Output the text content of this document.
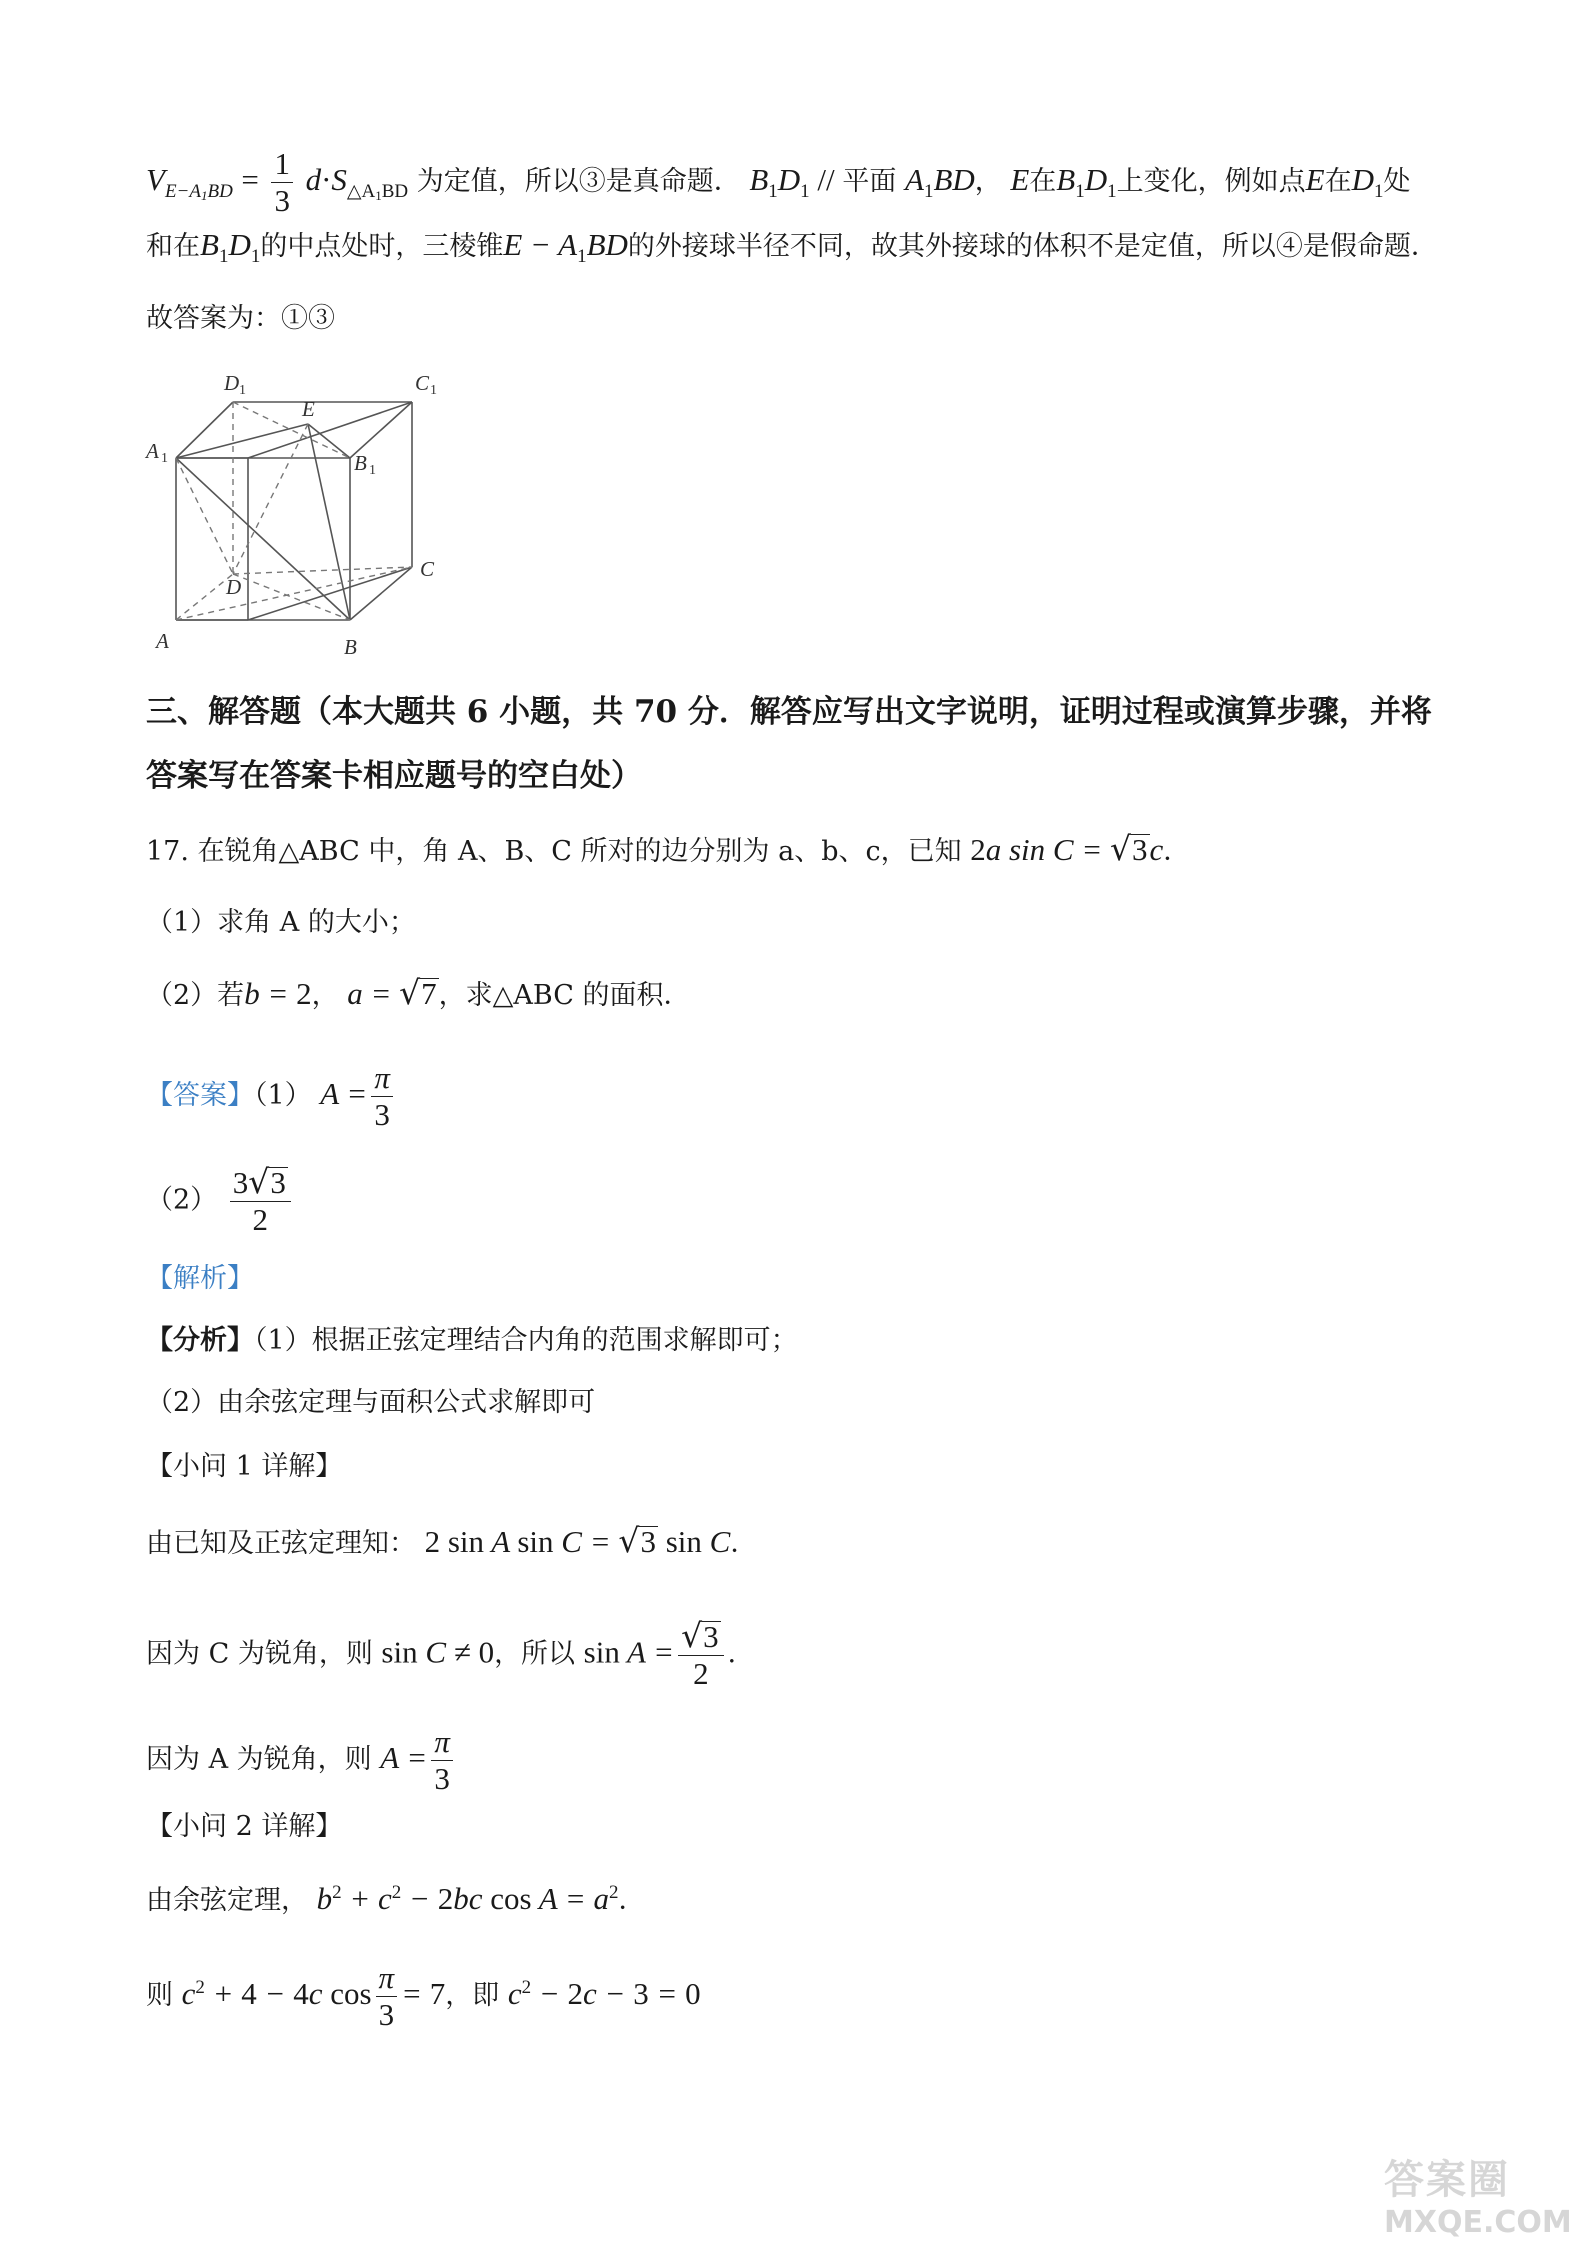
$V_{E-A_1BD} = \frac{1}{3} d\cdot S_{\triangle A_1BD}$ 为定值，所以③是真命题． $B_1D_1$ // 平面 $A_1BD$， E在$B_1D_1$上变化，例如点E在$D_1$处
和在$B_1D_1$的中点处时，三棱锥$E - A_1BD$的外接球半径不同，故其外接球的体积不是定值，所以④是假命题．
故答案为：①③
D 1	C 1
E
A 1	B 1
D
C
A	B
三、解答题（本大题共 6 小题，共 70 分．解答应写出文字说明，证明过程或演算步骤，并将
答案写在答案卡相应题号的空白处）
17. 在锐角△ABC 中，角 A、B、C 所对的边分别为 a、b、c，已知 2a sin C = √3c．
（1）求角 A 的大小；
（2）若b = 2， a = √7，求△ABC 的面积．
【答案】（1） $A = \frac{\pi}{3}$
$(2) \frac{3√3}{2}$
【解析】
【分析】（1）根据正弦定理结合内角的范围求解即可；
（2）由余弦定理与面积公式求解即可
【小问 1 详解】
由已知及正弦定理知： 2 sin A sin C = √3 sin C．
因为 C 为锐角，则 sin C ≠ 0，所以 $\sin A = \frac{√3}{2}$ ．
因为 A 为锐角，则 $A = \frac{\pi}{3}$
【小问 2 详解】
由余弦定理， $b^2 + c^2 - 2bc$ $\cos A = a^2$．
则 $c^2 + 4 - 4c$ $\cos \frac{\pi}{3} = 7$，即 $c^2 - 2c - 3 = 0$
答案圈
MXQE.COM
